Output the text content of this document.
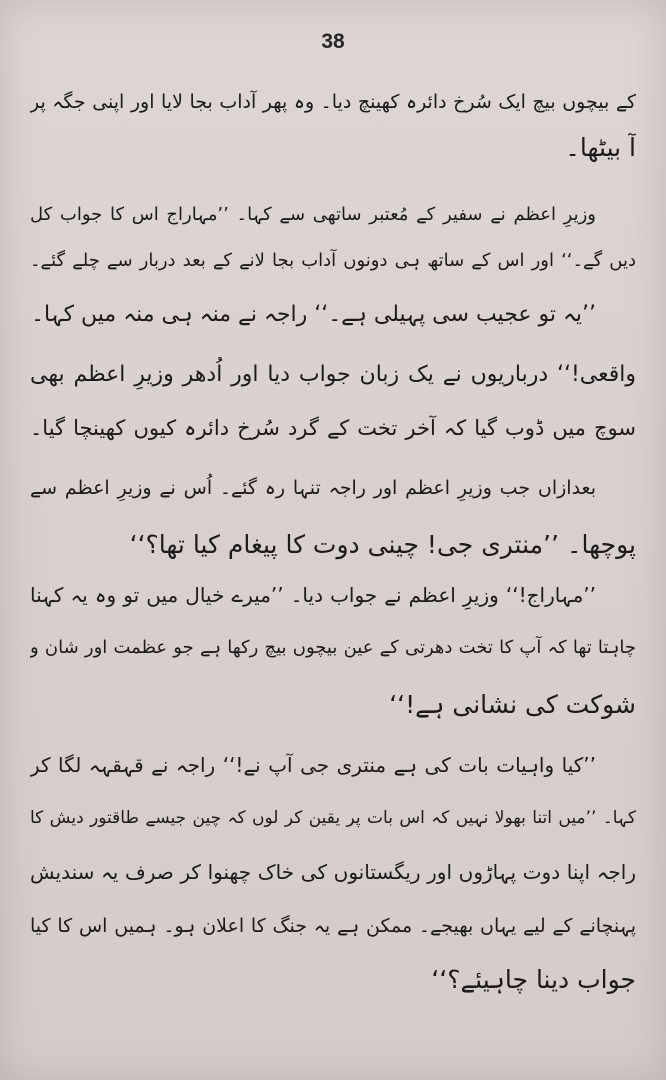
38
کے بیچوں بیچ ایک سُرخ دائرہ کھینچ دیا۔ وہ پھر آداب بجا لایا اور اپنی جگہ پر
آ بیٹھا۔
وزیرِ اعظم نے سفیر کے مُعتبر ساتھی سے کہا۔ ’’مہاراج اس کا جواب کل
دیں گے۔‘‘ اور اس کے ساتھ ہی دونوں آداب بجا لانے کے بعد دربار سے چلے گئے۔
’’یہ تو عجیب سی پہیلی ہے۔‘‘ راجہ نے منہ ہی منہ میں کہا۔
واقعی!‘‘ درباریوں نے یک زبان جواب دیا اور اُدھر وزیرِ اعظم بھی
سوچ میں ڈوب گیا کہ آخر تخت کے گرد سُرخ دائرہ کیوں کھینچا گیا۔
بعدازاں جب وزیرِ اعظم اور راجہ تنہا رہ گئے۔ اُس نے وزیرِ اعظم سے
پوچھا۔ ’’منتری جی! چینی دوت کا پیغام کیا تھا؟‘‘
’’مہاراج!‘‘ وزیرِ اعظم نے جواب دیا۔ ’’میرے خیال میں تو وہ یہ کہنا
چاہتا تھا کہ آپ کا تخت دھرتی کے عین بیچوں بیچ رکھا ہے جو عظمت اور شان و
شوکت کی نشانی ہے!‘‘
’’کیا واہیات بات کی ہے منتری جی آپ نے!‘‘ راجہ نے قہقہہ لگا کر
کہا۔ ’’میں اتنا بھولا نہیں کہ اس بات پر یقین کر لوں کہ چین جیسے طاقتور دیش کا
راجہ اپنا دوت پہاڑوں اور ریگستانوں کی خاک چھنوا کر صرف یہ سندیش
پہنچانے کے لیے یہاں بھیجے۔ ممکن ہے یہ جنگ کا اعلان ہو۔ ہمیں اس کا کیا
جواب دینا چاہیئے؟‘‘
